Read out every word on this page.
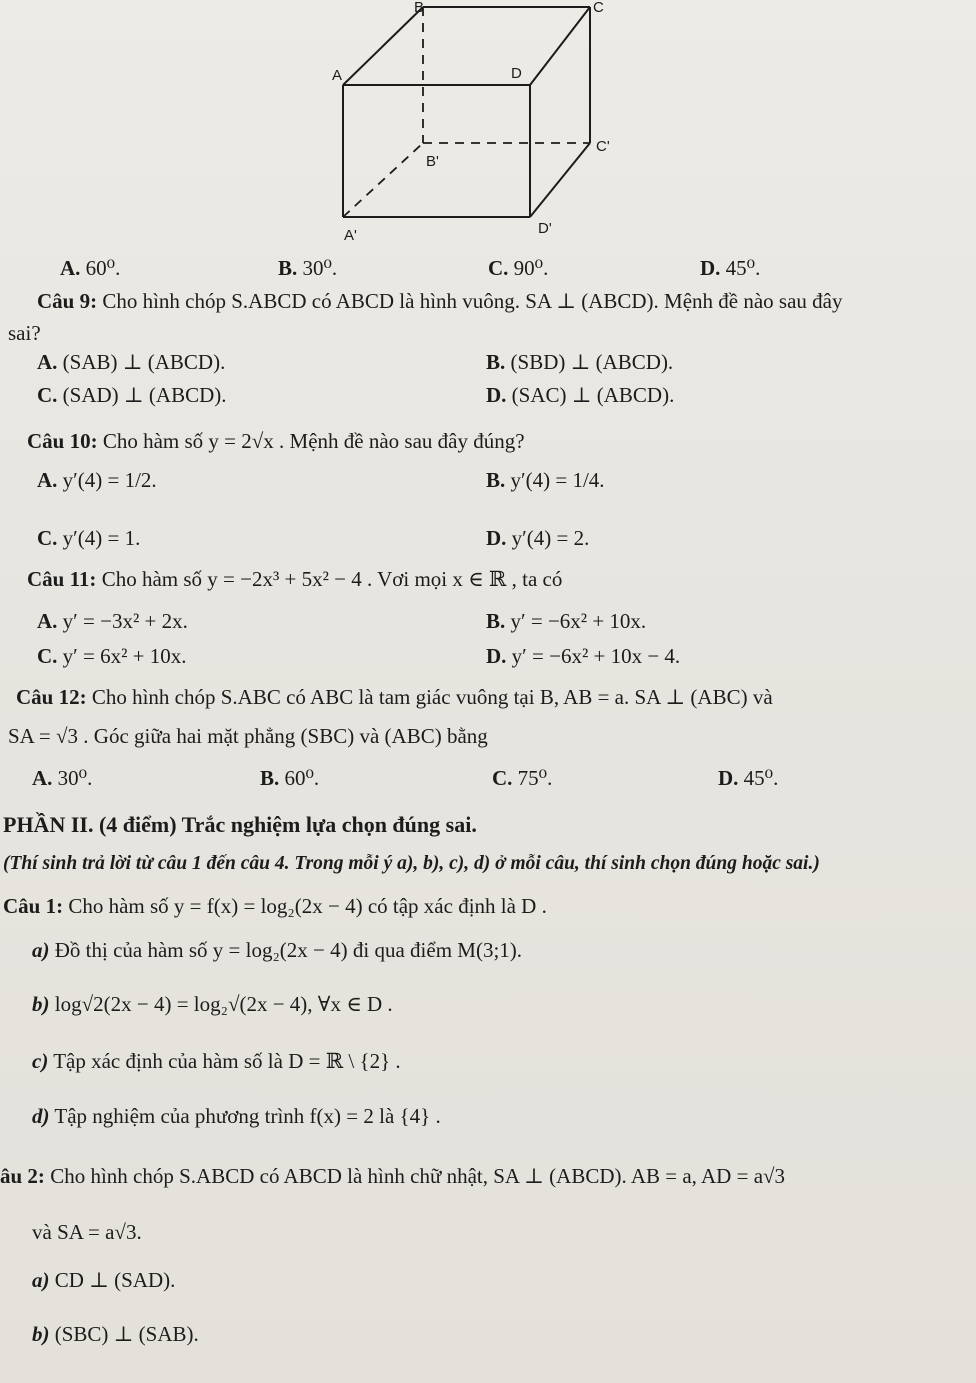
B	C
A	D
C'
B'
A'	D'
A. 60⁰.	B. 30⁰.	C. 90⁰.	D. 45⁰.
Câu 9: Cho hình chóp S.ABCD có ABCD là hình vuông. SA ⊥ (ABCD). Mệnh đề nào sau đây
sai?
A. (SAB) ⊥ (ABCD).	B. (SBD) ⊥ (ABCD).
C. (SAD) ⊥ (ABCD).	D. (SAC) ⊥ (ABCD).
Câu 10: Cho hàm số y = 2√x . Mệnh đề nào sau đây đúng?
A. y′(4) = 1/2.	B. y′(4) = 1/4.
C. y′(4) = 1.	D. y′(4) = 2.
Câu 11: Cho hàm số y = −2x³ + 5x² − 4 . Vơi mọi x ∈ ℝ , ta có
A. y′ = −3x² + 2x.	B. y′ = −6x² + 10x.
C. y′ = 6x² + 10x.	D. y′ = −6x² + 10x − 4.
Câu 12: Cho hình chóp S.ABC có ABC là tam giác vuông tại B, AB = a. SA ⊥ (ABC) và
SA = √3 . Góc giữa hai mặt phẳng (SBC) và (ABC) bằng
A. 30⁰.	B. 60⁰.	C. 75⁰.	D. 45⁰.
PHẦN II. (4 điểm) Trắc nghiệm lựa chọn đúng sai.
(Thí sinh trả lời từ câu 1 đến câu 4. Trong mỗi ý a), b), c), d) ở mỗi câu, thí sinh chọn đúng hoặc sai.)
Câu 1: Cho hàm số y = f(x) = log₂(2x − 4) có tập xác định là D .
a) Đồ thị của hàm số y = log₂(2x − 4) đi qua điểm M(3;1).
b) log√2(2x − 4) = log₂√(2x − 4), ∀x ∈ D .
c) Tập xác định của hàm số là D = ℝ \ {2} .
d) Tập nghiệm của phương trình f(x) = 2 là {4} .
âu 2: Cho hình chóp S.ABCD có ABCD là hình chữ nhật, SA ⊥ (ABCD). AB = a, AD = a√3
và SA = a√3.
a) CD ⊥ (SAD).
b) (SBC) ⊥ (SAB).
